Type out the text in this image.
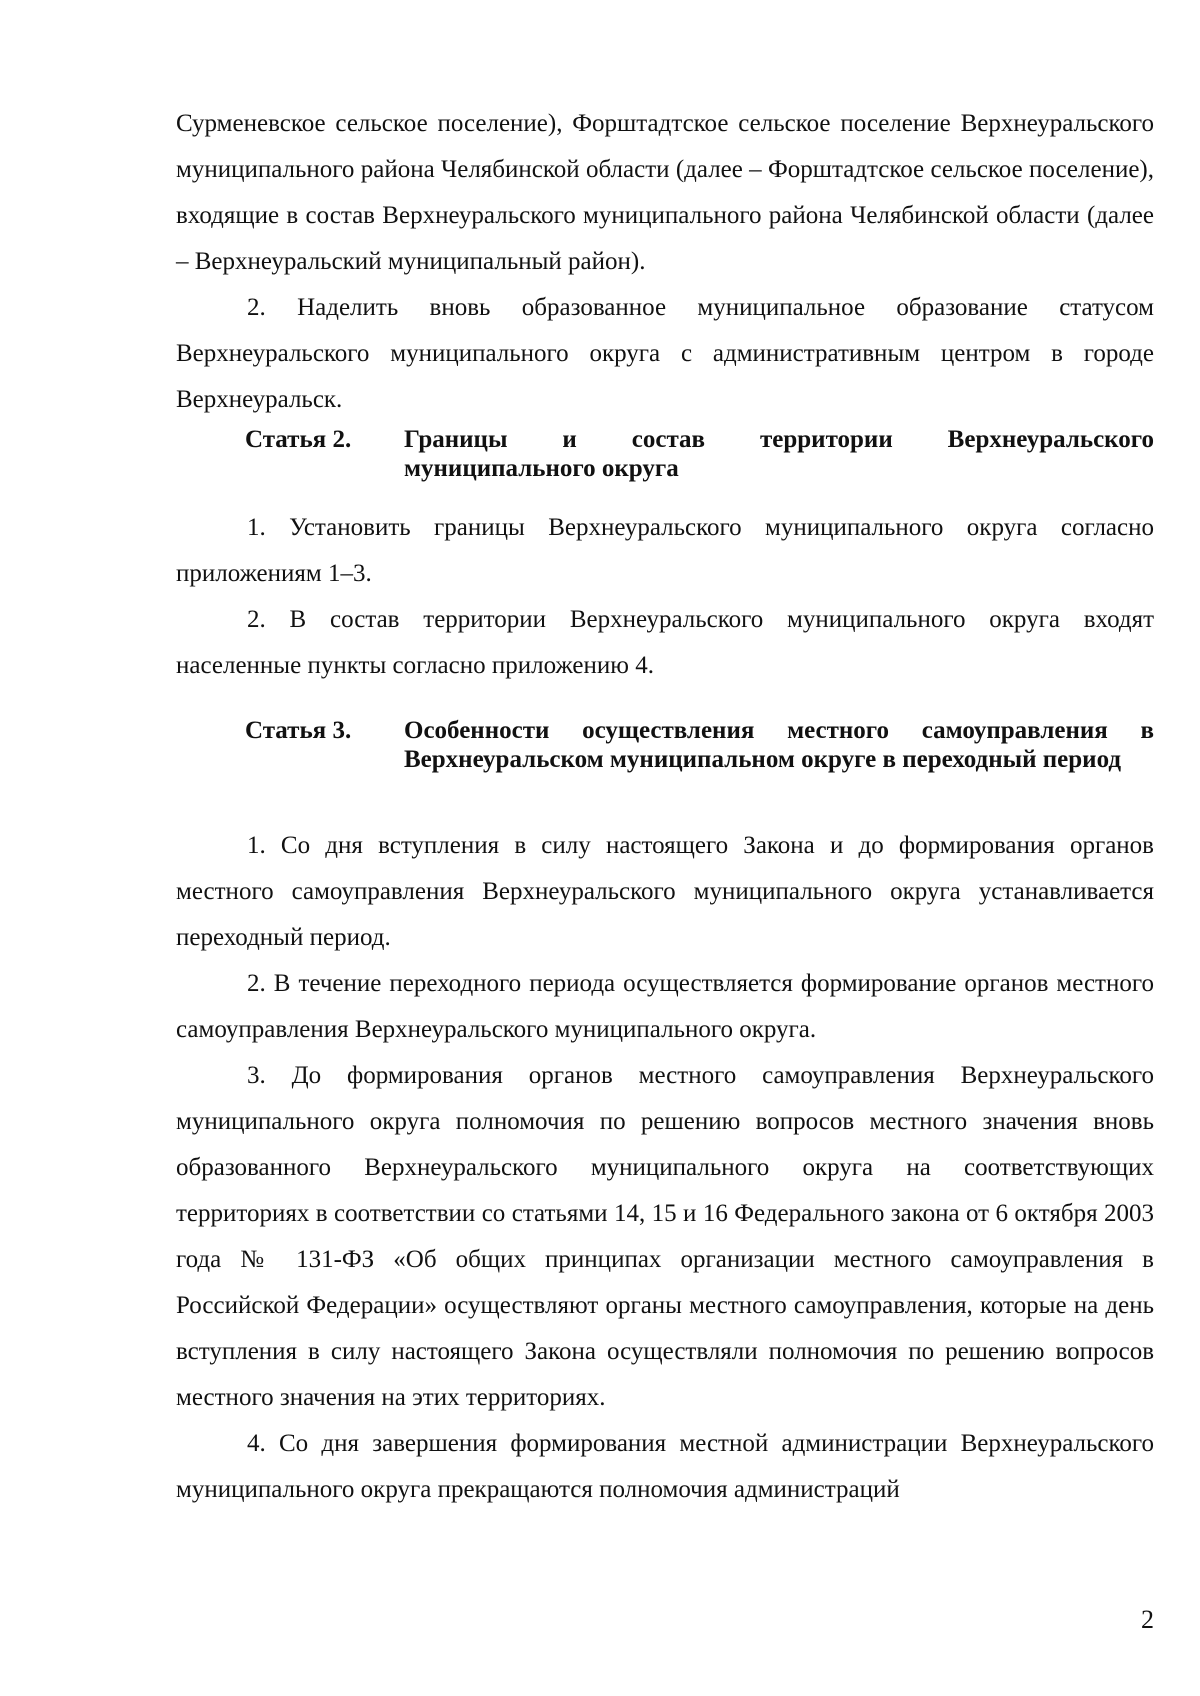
Сурменевское сельское поселение), Форштадтское сельское поселение Верхнеуральского муниципального района Челябинской области (далее – Форштадтское сельское поселение), входящие в состав Верхнеуральского муниципального района Челябинской области (далее – Верхнеуральский муниципальный район).

2. Наделить вновь образованное муниципальное образование статусом Верхнеуральского муниципального округа с административным центром в городе Верхнеуральск.

Статья 2.	Границы и состав территории Верхнеуральского муниципального округа

1. Установить границы Верхнеуральского муниципального округа согласно приложениям 1–3.

2. В состав территории Верхнеуральского муниципального округа входят населенные пункты согласно приложению 4.

Статья 3.	Особенности осуществления местного самоуправления в Верхнеуральском муниципальном округе в переходный период

1. Со дня вступления в силу настоящего Закона и до формирования органов местного самоуправления Верхнеуральского муниципального округа устанавливается переходный период.

2. В течение переходного периода осуществляется формирование органов местного самоуправления Верхнеуральского муниципального округа.

3. До формирования органов местного самоуправления Верхнеуральского муниципального округа полномочия по решению вопросов местного значения вновь образованного Верхнеуральского муниципального округа на соответствующих территориях в соответствии со статьями 14, 15 и 16 Федерального закона от 6 октября 2003 года № 131-ФЗ «Об общих принципах организации местного самоуправления в Российской Федерации» осуществляют органы местного самоуправления, которые на день вступления в силу настоящего Закона осуществляли полномочия по решению вопросов местного значения на этих территориях.

4. Со дня завершения формирования местной администрации Верхнеуральского муниципального округа прекращаются полномочия администраций

2
